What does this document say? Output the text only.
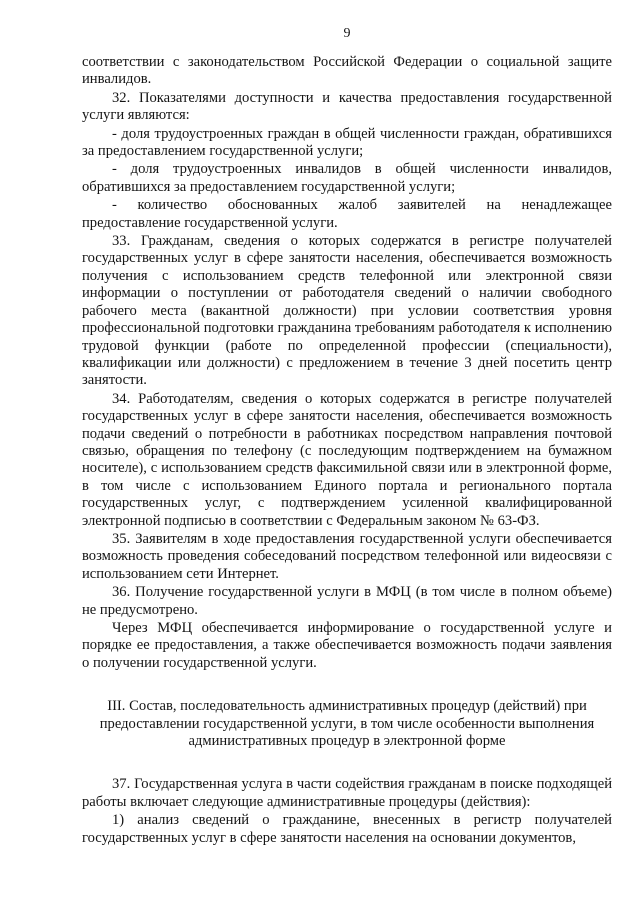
9

соответствии с законодательством Российской Федерации о социальной защите инвалидов.

32. Показателями доступности и качества предоставления государственной услуги являются:

- доля трудоустроенных граждан в общей численности граждан, обратившихся за предоставлением государственной услуги;

- доля трудоустроенных инвалидов в общей численности инвалидов, обратившихся за предоставлением государственной услуги;

- количество обоснованных жалоб заявителей на ненадлежащее предоставление государственной услуги.

33. Гражданам, сведения о которых содержатся в регистре получателей государственных услуг в сфере занятости населения, обеспечивается возможность получения с использованием средств телефонной или электронной связи информации о поступлении от работодателя сведений о наличии свободного рабочего места (вакантной должности) при условии соответствия уровня профессиональной подготовки гражданина требованиям работодателя к исполнению трудовой функции (работе по определенной профессии (специальности), квалификации или должности) с предложением в течение 3 дней посетить центр занятости.

34. Работодателям, сведения о которых содержатся в регистре получателей государственных услуг в сфере занятости населения, обеспечивается возможность подачи сведений о потребности в работниках посредством направления почтовой связью, обращения по телефону (с последующим подтверждением на бумажном носителе), с использованием средств факсимильной связи или в электронной форме, в том числе с использованием Единого портала и регионального портала государственных услуг, с подтверждением усиленной квалифицированной электронной подписью в соответствии с Федеральным законом № 63-ФЗ.

35. Заявителям в ходе предоставления государственной услуги обеспечивается возможность проведения собеседований посредством телефонной или видеосвязи с использованием сети Интернет.

36. Получение государственной услуги в МФЦ (в том числе в полном объеме) не предусмотрено.

Через МФЦ обеспечивается информирование о государственной услуге и порядке ее предоставления, а также обеспечивается возможность подачи заявления о получении государственной услуги.

III. Состав, последовательность административных процедур (действий) при предоставлении государственной услуги, в том числе особенности выполнения административных процедур в электронной форме

37. Государственная услуга в части содействия гражданам в поиске подходящей работы включает следующие административные процедуры (действия):

1) анализ сведений о гражданине, внесенных в регистр получателей государственных услуг в сфере занятости населения на основании документов,
